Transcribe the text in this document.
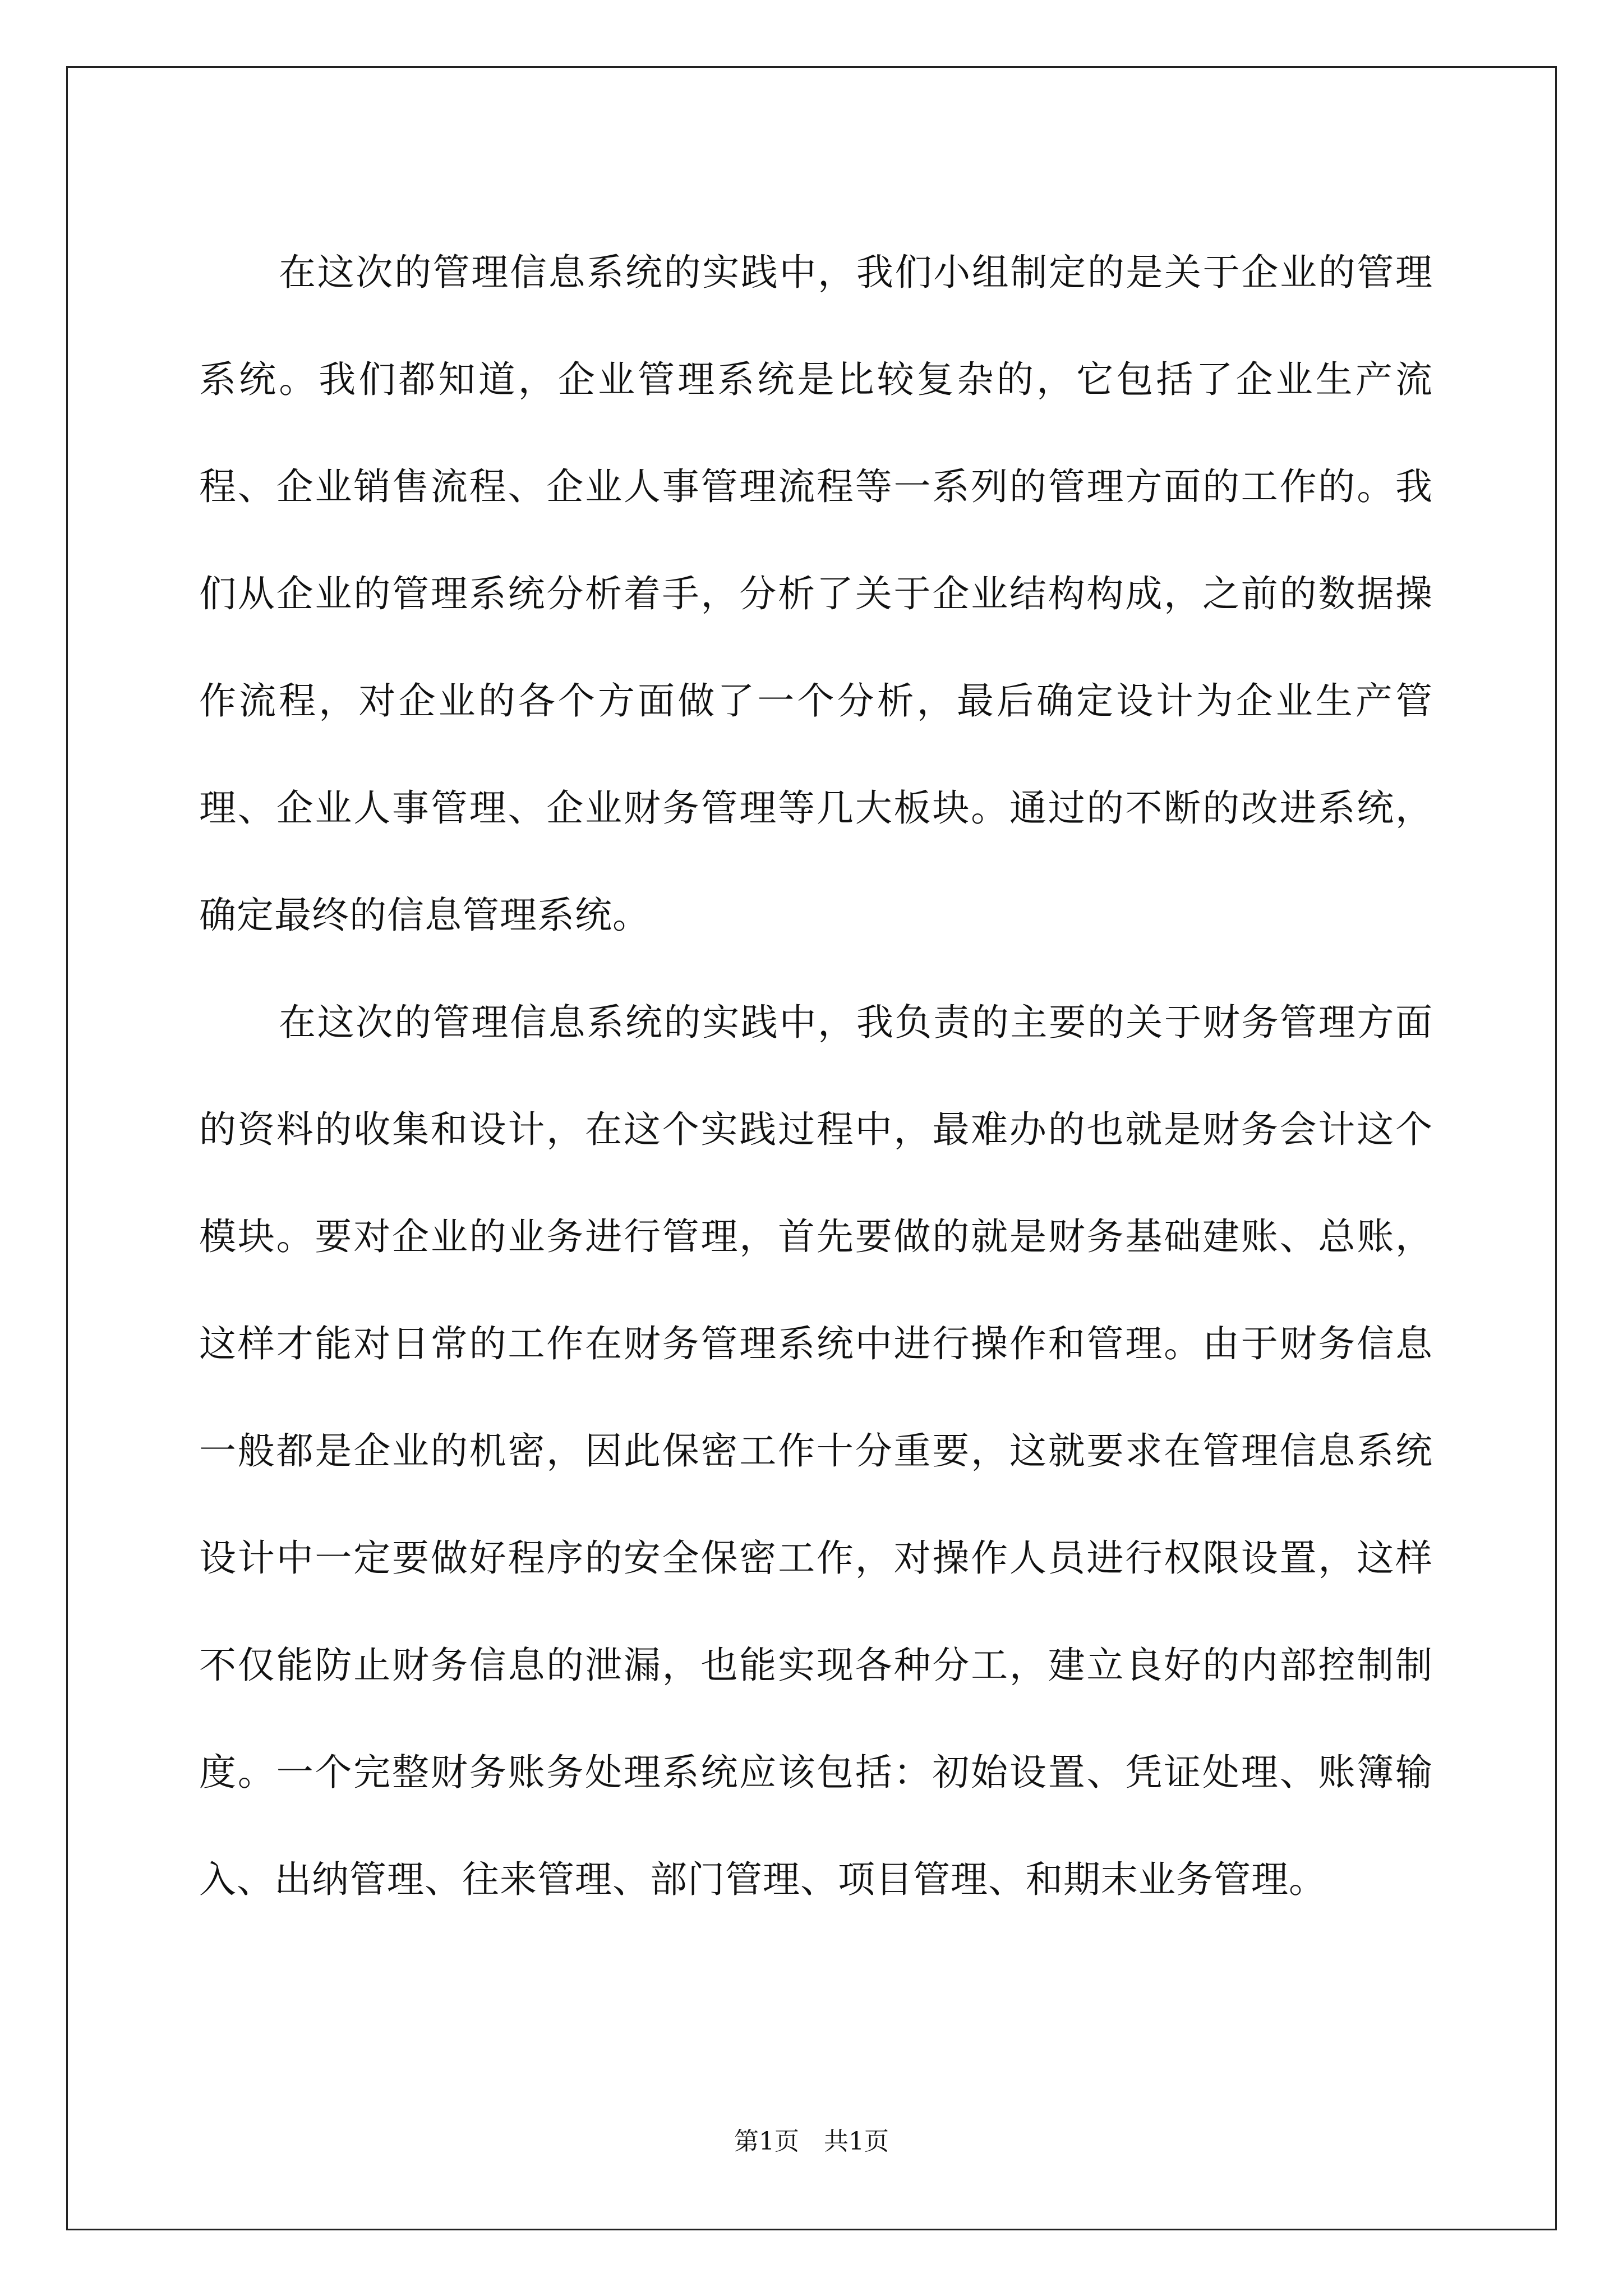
在这次的管理信息系统的实践中，我们小组制定的是关于企业的管理系统。我们都知道，企业管理系统是比较复杂的，它包括了企业生产流程、企业销售流程、企业人事管理流程等一系列的管理方面的工作的。我们从企业的管理系统分析着手，分析了关于企业结构构成，之前的数据操作流程，对企业的各个方面做了一个分析，最后确定设计为企业生产管理、企业人事管理、企业财务管理等几大板块。通过的不断的改进系统，确定最终的信息管理系统。

在这次的管理信息系统的实践中，我负责的主要的关于财务管理方面的资料的收集和设计，在这个实践过程中，最难办的也就是财务会计这个模块。要对企业的业务进行管理，首先要做的就是财务基础建账、总账，这样才能对日常的工作在财务管理系统中进行操作和管理。由于财务信息一般都是企业的机密，因此保密工作十分重要，这就要求在管理信息系统设计中一定要做好程序的安全保密工作，对操作人员进行权限设置，这样不仅能防止财务信息的泄漏，也能实现各种分工，建立良好的内部控制制度。一个完整财务账务处理系统应该包括：初始设置、凭证处理、账簿输入、出纳管理、往来管理、部门管理、项目管理、和期末业务管理。

第1页 共1页
